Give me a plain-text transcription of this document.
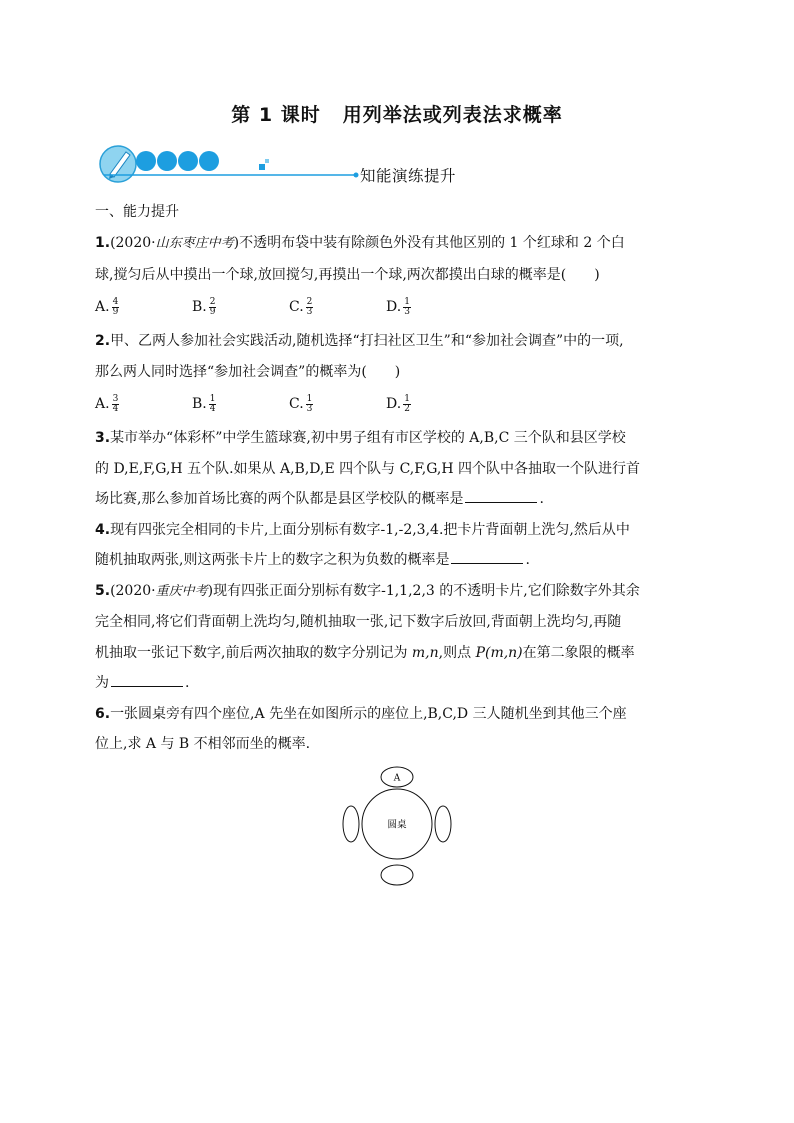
第 1 课时 用列举法或列表法求概率
知能演练提升

一、能力提升

1.(2020·山东枣庄中考)不透明布袋中装有除颜色外没有其他区别的 1 个红球和 2 个白
球,搅匀后从中摸出一个球,放回搅匀,再摸出一个球,两次都摸出白球的概率是(　　)

A. $\frac{4}{9}$	B. $\frac{2}{9}$	C. $\frac{2}{3}$	D. $\frac{1}{3}$

2.甲、乙两人参加社会实践活动,随机选择“打扫社区卫生”和“参加社会调查”中的一项,
那么两人同时选择“参加社会调查”的概率为(　　)

A. $\frac{3}{4}$	B. $\frac{1}{4}$	C. $\frac{1}{3}$	D. $\frac{1}{2}$

3.某市举办“体彩杯”中学生篮球赛,初中男子组有市区学校的 A,B,C 三个队和县区学校
的 D,E,F,G,H 五个队.如果从 A,B,D,E 四个队与 C,F,G,H 四个队中各抽取一个队进行首
场比赛,那么参加首场比赛的两个队都是县区学校队的概率是	.

4.现有四张完全相同的卡片,上面分别标有数字-1,-2,3,4.把卡片背面朝上洗匀,然后从中
随机抽取两张,则这两张卡片上的数字之积为负数的概率是	.

5.(2020·重庆中考)现有四张正面分别标有数字-1,1,2,3 的不透明卡片,它们除数字外其余
完全相同,将它们背面朝上洗均匀,随机抽取一张,记下数字后放回,背面朝上洗均匀,再随
机抽取一张记下数字,前后两次抽取的数字分别记为 m,n,则点 P(m,n)在第二象限的概率
为	.

6.一张圆桌旁有四个座位,A 先坐在如图所示的座位上,B,C,D 三人随机坐到其他三个座
位上,求 A 与 B 不相邻而坐的概率.

A
圆桌
